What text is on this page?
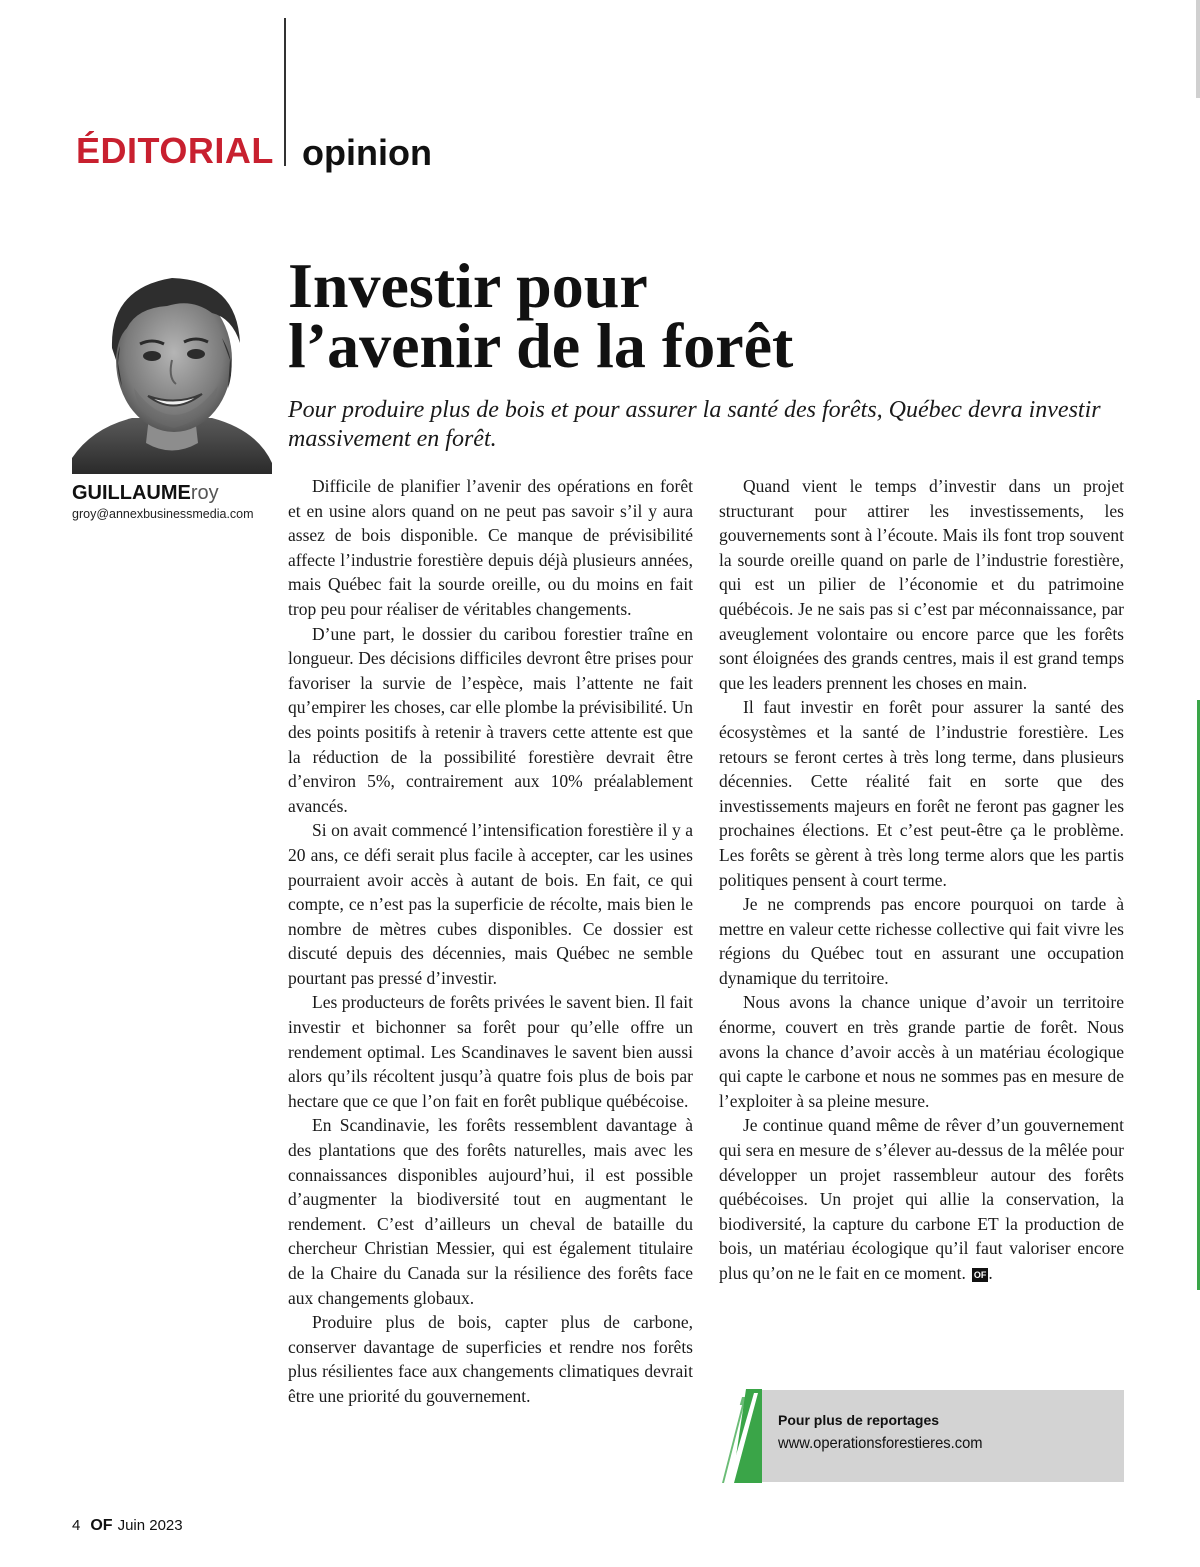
ÉDITORIAL opinion
Investir pour
l’avenir de la forêt

Pour produire plus de bois et pour assurer la santé des forêts, Québec devra investir massivement en forêt.

GUILLAUMEroy
groy@annexbusinessmedia.com

Difficile de planifier l’avenir des opérations en forêt et en usine alors quand on ne peut pas savoir s’il y aura assez de bois disponible. Ce manque de prévisibilité affecte l’industrie forestière depuis déjà plusieurs années, mais Québec fait la sourde oreille, ou du moins en fait trop peu pour réaliser de véritables changements.

D’une part, le dossier du caribou forestier traîne en longueur. Des décisions difficiles devront être prises pour favoriser la survie de l’espèce, mais l’attente ne fait qu’empirer les choses, car elle plombe la prévisibilité. Un des points positifs à retenir à travers cette attente est que la réduction de la possibilité forestière devrait être d’environ 5%, contrairement aux 10% préalablement avancés.

Si on avait commencé l’intensification forestière il y a 20 ans, ce défi serait plus facile à accepter, car les usines pourraient avoir accès à autant de bois. En fait, ce qui compte, ce n’est pas la superficie de récolte, mais bien le nombre de mètres cubes disponibles. Ce dossier est discuté depuis des décennies, mais Québec ne semble pourtant pas pressé d’investir.

Les producteurs de forêts privées le savent bien. Il fait investir et bichonner sa forêt pour qu’elle offre un rendement optimal. Les Scandinaves le savent bien aussi alors qu’ils récoltent jusqu’à quatre fois plus de bois par hectare que ce que l’on fait en forêt publique québécoise.

En Scandinavie, les forêts ressemblent davantage à des plantations que des forêts naturelles, mais avec les connaissances disponibles aujourd’hui, il est possible d’augmenter la biodiversité tout en augmentant le rendement. C’est d’ailleurs un cheval de bataille du chercheur Christian Messier, qui est également titulaire de la Chaire du Canada sur la résilience des forêts face aux changements globaux.

Produire plus de bois, capter plus de carbone, conserver davantage de superficies et rendre nos forêts plus résilientes face aux changements climatiques devrait être une priorité du gouvernement.

Quand vient le temps d’investir dans un projet structurant pour attirer les investissements, les gouvernements sont à l’écoute. Mais ils font trop souvent la sourde oreille quand on parle de l’industrie forestière, qui est un pilier de l’économie et du patrimoine québécois. Je ne sais pas si c’est par méconnaissance, par aveuglement volontaire ou encore parce que les forêts sont éloignées des grands centres, mais il est grand temps que les leaders prennent les choses en main.

Il faut investir en forêt pour assurer la santé des écosystèmes et la santé de l’industrie forestière. Les retours se feront certes à très long terme, dans plusieurs décennies. Cette réalité fait en sorte que des investissements majeurs en forêt ne feront pas gagner les prochaines élections. Et c’est peut-être ça le problème. Les forêts se gèrent à très long terme alors que les partis politiques pensent à court terme.

Je ne comprends pas encore pourquoi on tarde à mettre en valeur cette richesse collective qui fait vivre les régions du Québec tout en assurant une occupation dynamique du territoire.

Nous avons la chance unique d’avoir un territoire énorme, couvert en très grande partie de forêt. Nous avons la chance d’avoir accès à un matériau écologique qui capte le carbone et nous ne sommes pas en mesure de l’exploiter à sa pleine mesure.

Je continue quand même de rêver d’un gouvernement qui sera en mesure de s’élever au-dessus de la mêlée pour développer un projet rassembleur autour des forêts québécoises. Un projet qui allie la conservation, la biodiversité, la capture du carbone ET la production de bois, un matériau écologique qu’il faut valoriser encore plus qu’on ne le fait en ce moment. OF .

Pour plus de reportages
www.operationsforestieres.com
4 OF Juin 2023
